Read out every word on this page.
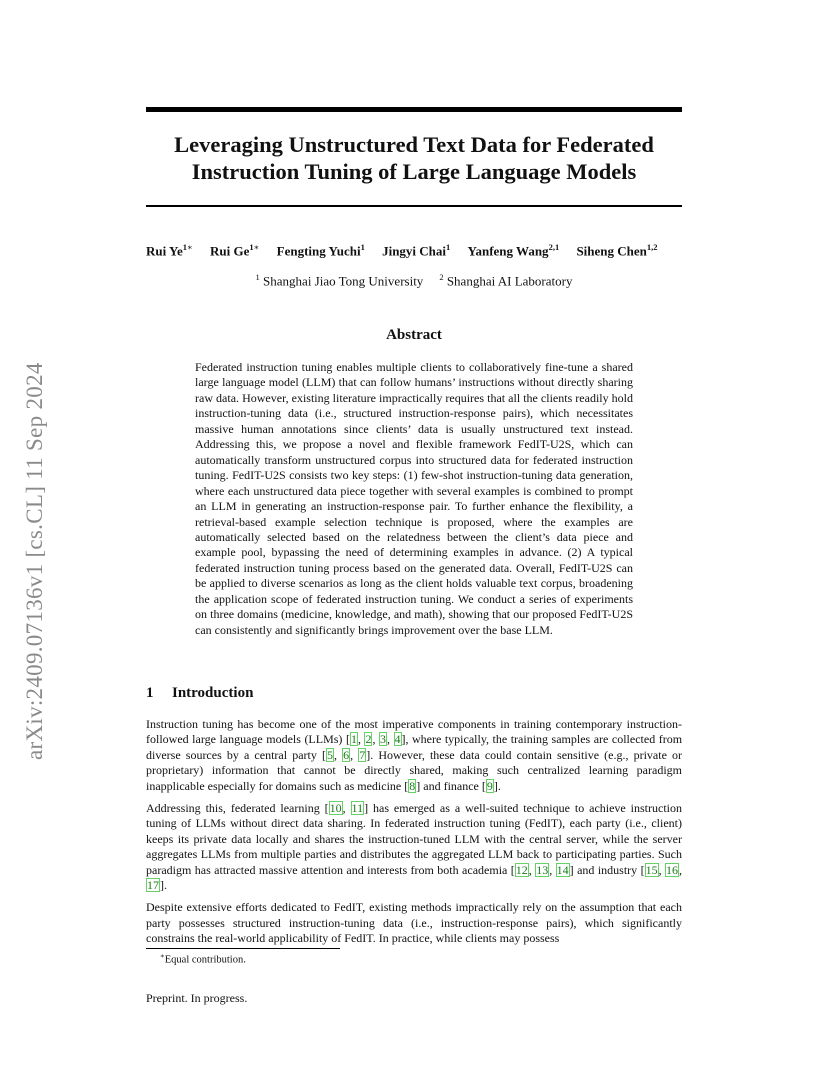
arXiv:2409.07136v1 [cs.CL] 11 Sep 2024
Leveraging Unstructured Text Data for Federated
Instruction Tuning of Large Language Models
Rui $Ye^{1∗}$ Rui $Ge^{1∗}$ Fengting Yuchi$^1$ Jingyi Chai$^1$ Yanfeng Wang$^{2,1}$ Siheng Chen$^{1,2}$
$^1$ Shanghai Jiao Tong University $^2$ Shanghai AI Laboratory
Abstract
Federated instruction tuning enables multiple clients to collaboratively fine-tune a shared large language model (LLM) that can follow humans’ instructions without directly sharing raw data. However, existing literature impractically requires that all the clients readily hold instruction-tuning data (i.e., structured instruction-response pairs), which necessitates massive human annotations since clients’ data is usually unstructured text instead. Addressing this, we propose a novel and flexible framework FedIT-U2S, which can automatically transform unstructured corpus into structured data for federated instruction tuning. FedIT-U2S consists two key steps: (1) few-shot instruction-tuning data generation, where each unstructured data piece together with several examples is combined to prompt an LLM in generating an instruction-response pair. To further enhance the flexibility, a retrieval-based example selection technique is proposed, where the examples are automatically selected based on the relatedness between the client’s data piece and example pool, bypassing the need of determining examples in advance. (2) A typical federated instruction tuning process based on the generated data. Overall, FedIT-U2S can be applied to diverse scenarios as long as the client holds valuable text corpus, broadening the application scope of federated instruction tuning. We conduct a series of experiments on three domains (medicine, knowledge, and math), showing that our proposed FedIT-U2S can consistently and significantly brings improvement over the base LLM.
1 Introduction

Instruction tuning has become one of the most imperative components in training contemporary instruction-followed large language models (LLMs) [1, 2, 3, 4], where typically, the training samples are collected from diverse sources by a central party [5, 6, 7]. However, these data could contain sensitive (e.g., private or proprietary) information that cannot be directly shared, making such centralized learning paradigm inapplicable especially for domains such as medicine [8] and finance [9].

Addressing this, federated learning [10, 11] has emerged as a well-suited technique to achieve instruction tuning of LLMs without direct data sharing. In federated instruction tuning (FedIT), each party (i.e., client) keeps its private data locally and shares the instruction-tuned LLM with the central server, while the server aggregates LLMs from multiple parties and distributes the aggregated LLM back to participating parties. Such paradigm has attracted massive attention and interests from both academia [12, 13, 14] and industry [15, 16, 17].

Despite extensive efforts dedicated to FedIT, existing methods impractically rely on the assumption that each party possesses structured instruction-tuning data (i.e., instruction-response pairs), which significantly constrains the real-world applicability of FedIT. In practice, while clients may possess

∗Equal contribution.
Preprint. In progress.
